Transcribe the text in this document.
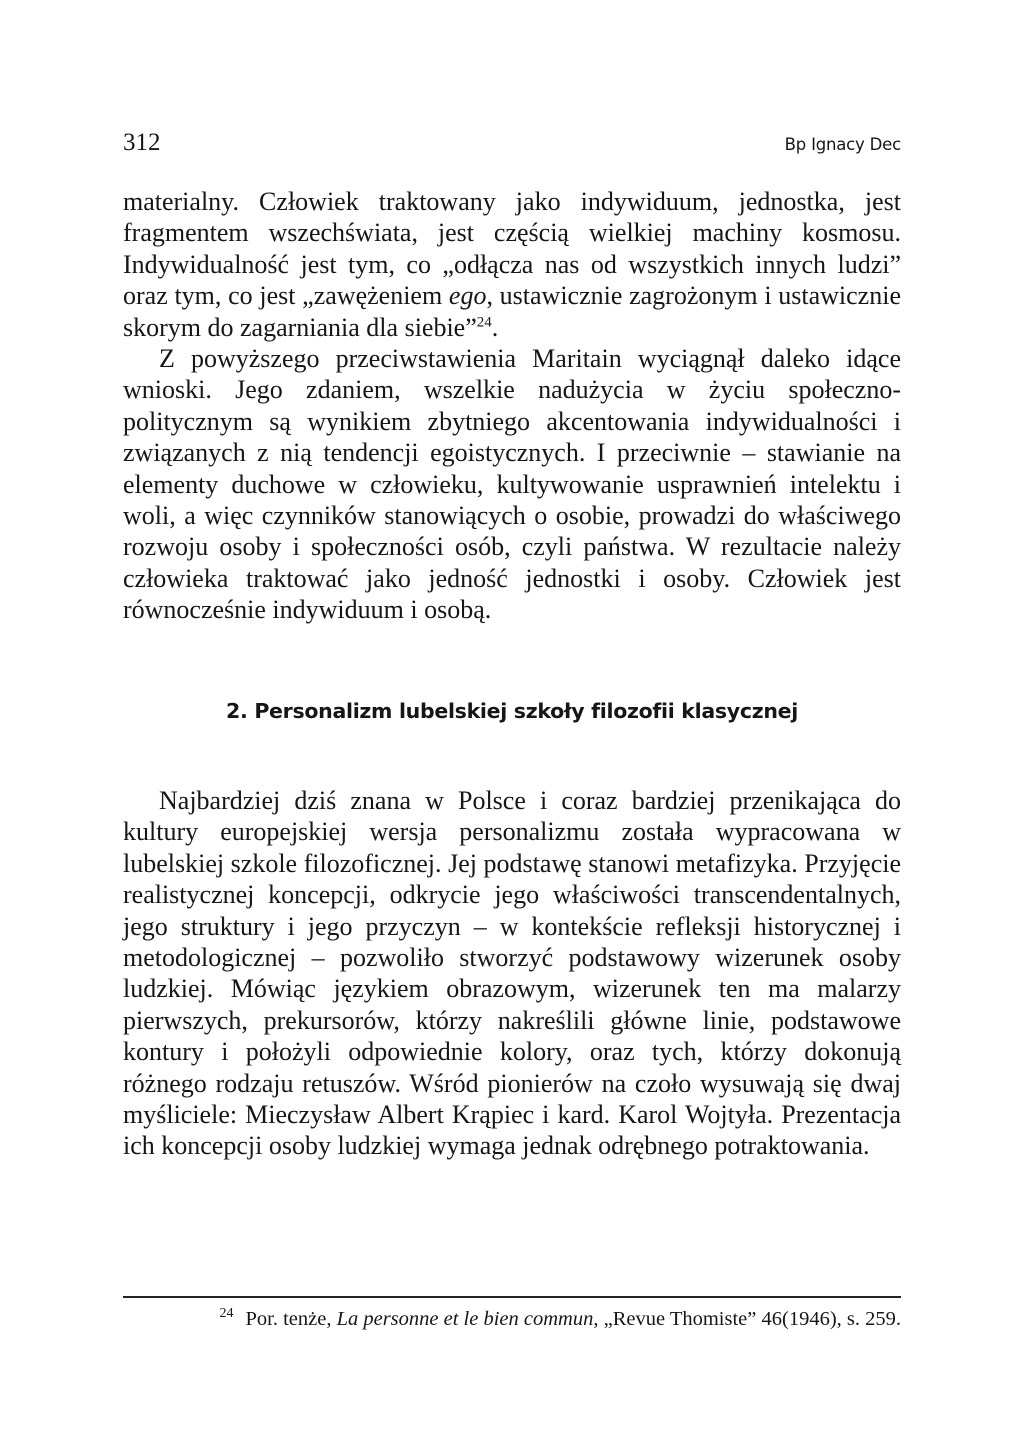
312	Bp Ignacy Dec

materialny. Człowiek traktowany jako indywiduum, jednostka, jest fragmentem wszechświata, jest częścią wielkiej machiny kosmosu. Indywidualność jest tym, co „odłącza nas od wszystkich innych ludzi” oraz tym, co jest „zawężeniem ego, ustawicznie zagrożonym i ustawicznie skorym do zagarniania dla siebie”$^{24}$.

Z powyższego przeciwstawienia Maritain wyciągnął daleko idące wnioski. Jego zdaniem, wszelkie nadużycia w życiu społeczno-politycznym są wynikiem zbytniego akcentowania indywidualności i związanych z nią tendencji egoistycznych. I przeciwnie – stawianie na elementy duchowe w człowieku, kultywowanie usprawnień intelektu i woli, a więc czynników stanowiących o osobie, prowadzi do właściwego rozwoju osoby i społeczności osób, czyli państwa. W rezultacie należy człowieka traktować jako jedność jednostki i osoby. Człowiek jest równocześnie indywiduum i osobą.

2. Personalizm lubelskiej szkoły filozofii klasycznej

Najbardziej dziś znana w Polsce i coraz bardziej przenikająca do kultury europejskiej wersja personalizmu została wypracowana w lubelskiej szkole filozoficznej. Jej podstawę stanowi metafizyka. Przyjęcie realistycznej koncepcji, odkrycie jego właściwości transcendentalnych, jego struktury i jego przyczyn – w kontekście refleksji historycznej i metodologicznej – pozwoliło stworzyć podstawowy wizerunek osoby ludzkiej. Mówiąc językiem obrazowym, wizerunek ten ma malarzy pierwszych, prekursorów, którzy nakreślili główne linie, podstawowe kontury i położyli odpowiednie kolory, oraz tych, którzy dokonują różnego rodzaju retuszów. Wśród pionierów na czoło wysuwają się dwaj myśliciele: Mieczysław Albert Krąpiec i kard. Karol Wojtyła. Prezentacja ich koncepcji osoby ludzkiej wymaga jednak odrębnego potraktowania.

$^{24}$ Por. tenże, La personne et le bien commun, „Revue Thomiste” 46(1946), s. 259.
